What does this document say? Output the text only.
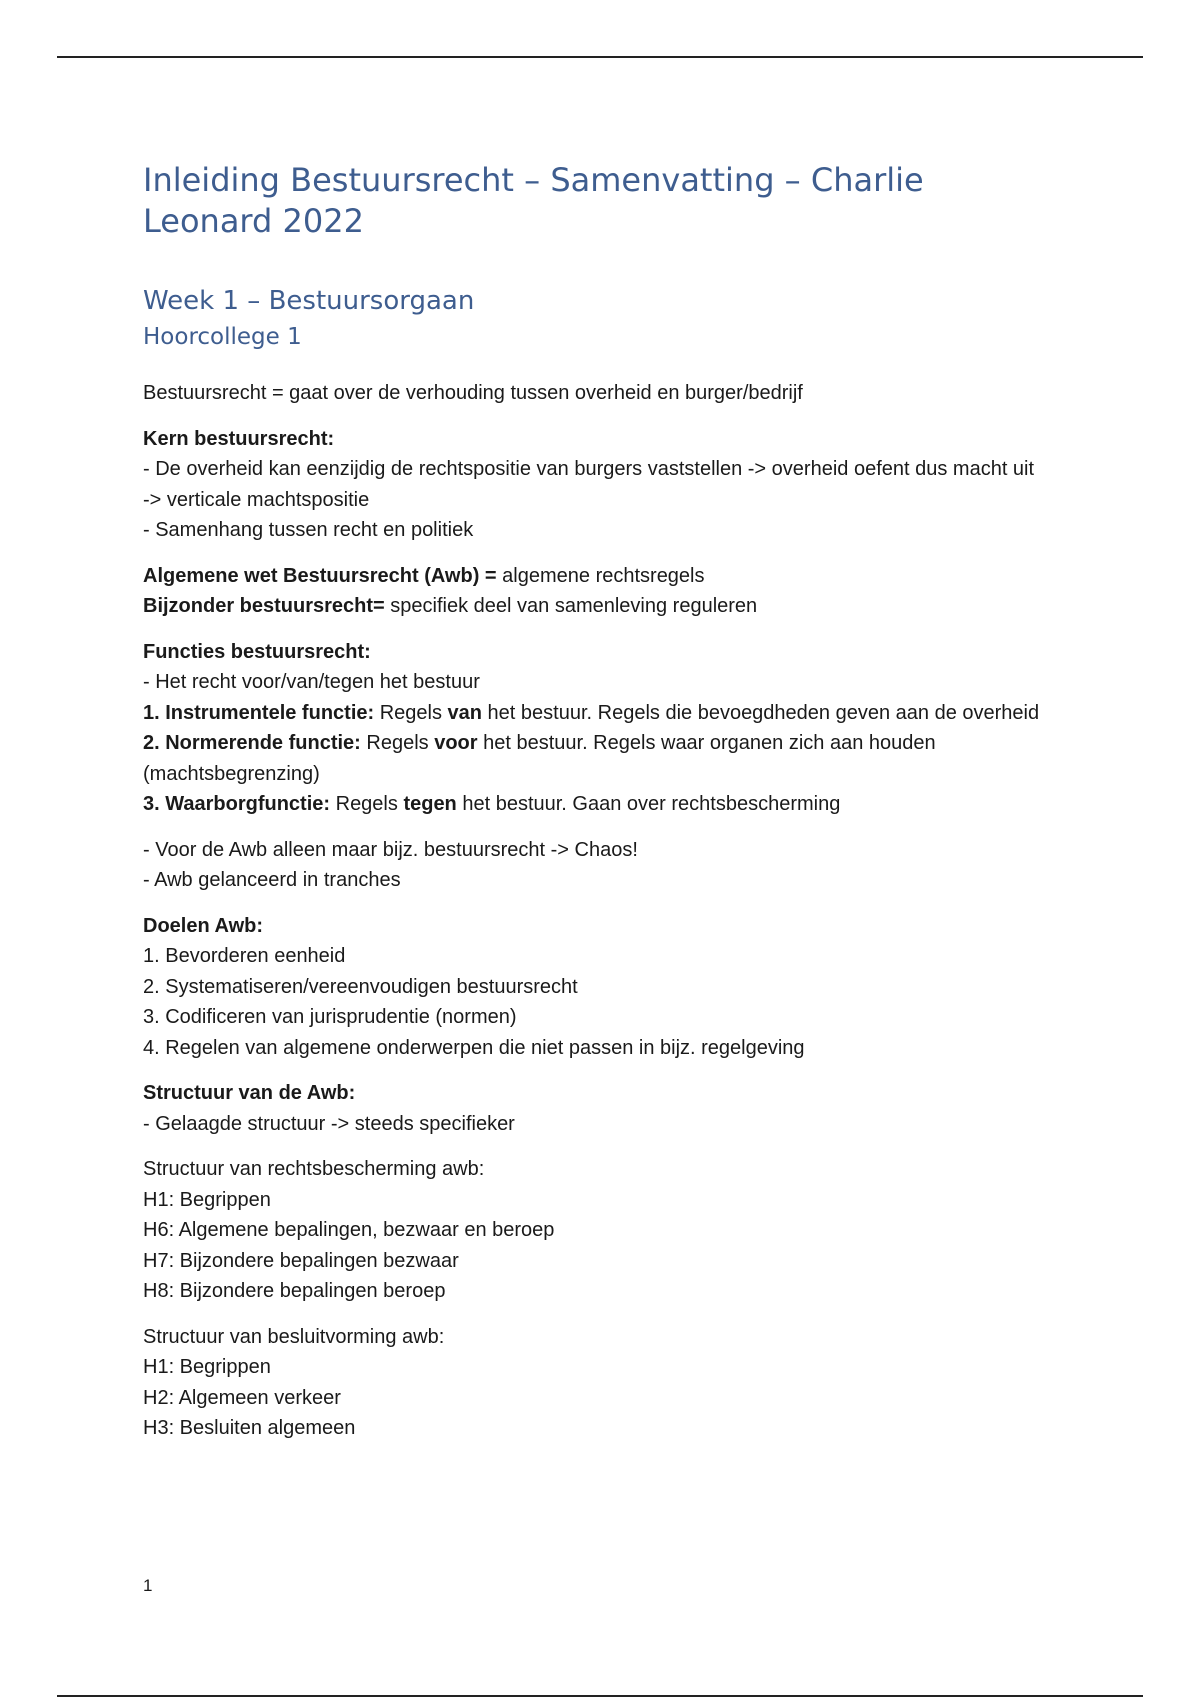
Inleiding Bestuursrecht – Samenvatting – Charlie Leonard 2022
Week 1 – Bestuursorgaan
Hoorcollege 1

Bestuursrecht = gaat over de verhouding tussen overheid en burger/bedrijf

Kern bestuursrecht:
- De overheid kan eenzijdig de rechtspositie van burgers vaststellen -> overheid oefent dus macht uit -> verticale machtspositie
- Samenhang tussen recht en politiek
Algemene wet Bestuursrecht (Awb) = algemene rechtsregels
Bijzonder bestuursrecht= specifiek deel van samenleving reguleren
Functies bestuursrecht:
- Het recht voor/van/tegen het bestuur
1. Instrumentele functie: Regels van het bestuur. Regels die bevoegdheden geven aan de overheid
2. Normerende functie: Regels voor het bestuur. Regels waar organen zich aan houden (machtsbegrenzing)
3. Waarborgfunctie: Regels tegen het bestuur. Gaan over rechtsbescherming
- Voor de Awb alleen maar bijz. bestuursrecht -> Chaos!
- Awb gelanceerd in tranches
Doelen Awb:
1. Bevorderen eenheid
2. Systematiseren/vereenvoudigen bestuursrecht
3. Codificeren van jurisprudentie (normen)
4. Regelen van algemene onderwerpen die niet passen in bijz. regelgeving
Structuur van de Awb:
- Gelaagde structuur -> steeds specifieker
Structuur van rechtsbescherming awb:
H1: Begrippen
H6: Algemene bepalingen, bezwaar en beroep
H7: Bijzondere bepalingen bezwaar
H8: Bijzondere bepalingen beroep
Structuur van besluitvorming awb:
H1: Begrippen
H2: Algemeen verkeer
H3: Besluiten algemeen
1
